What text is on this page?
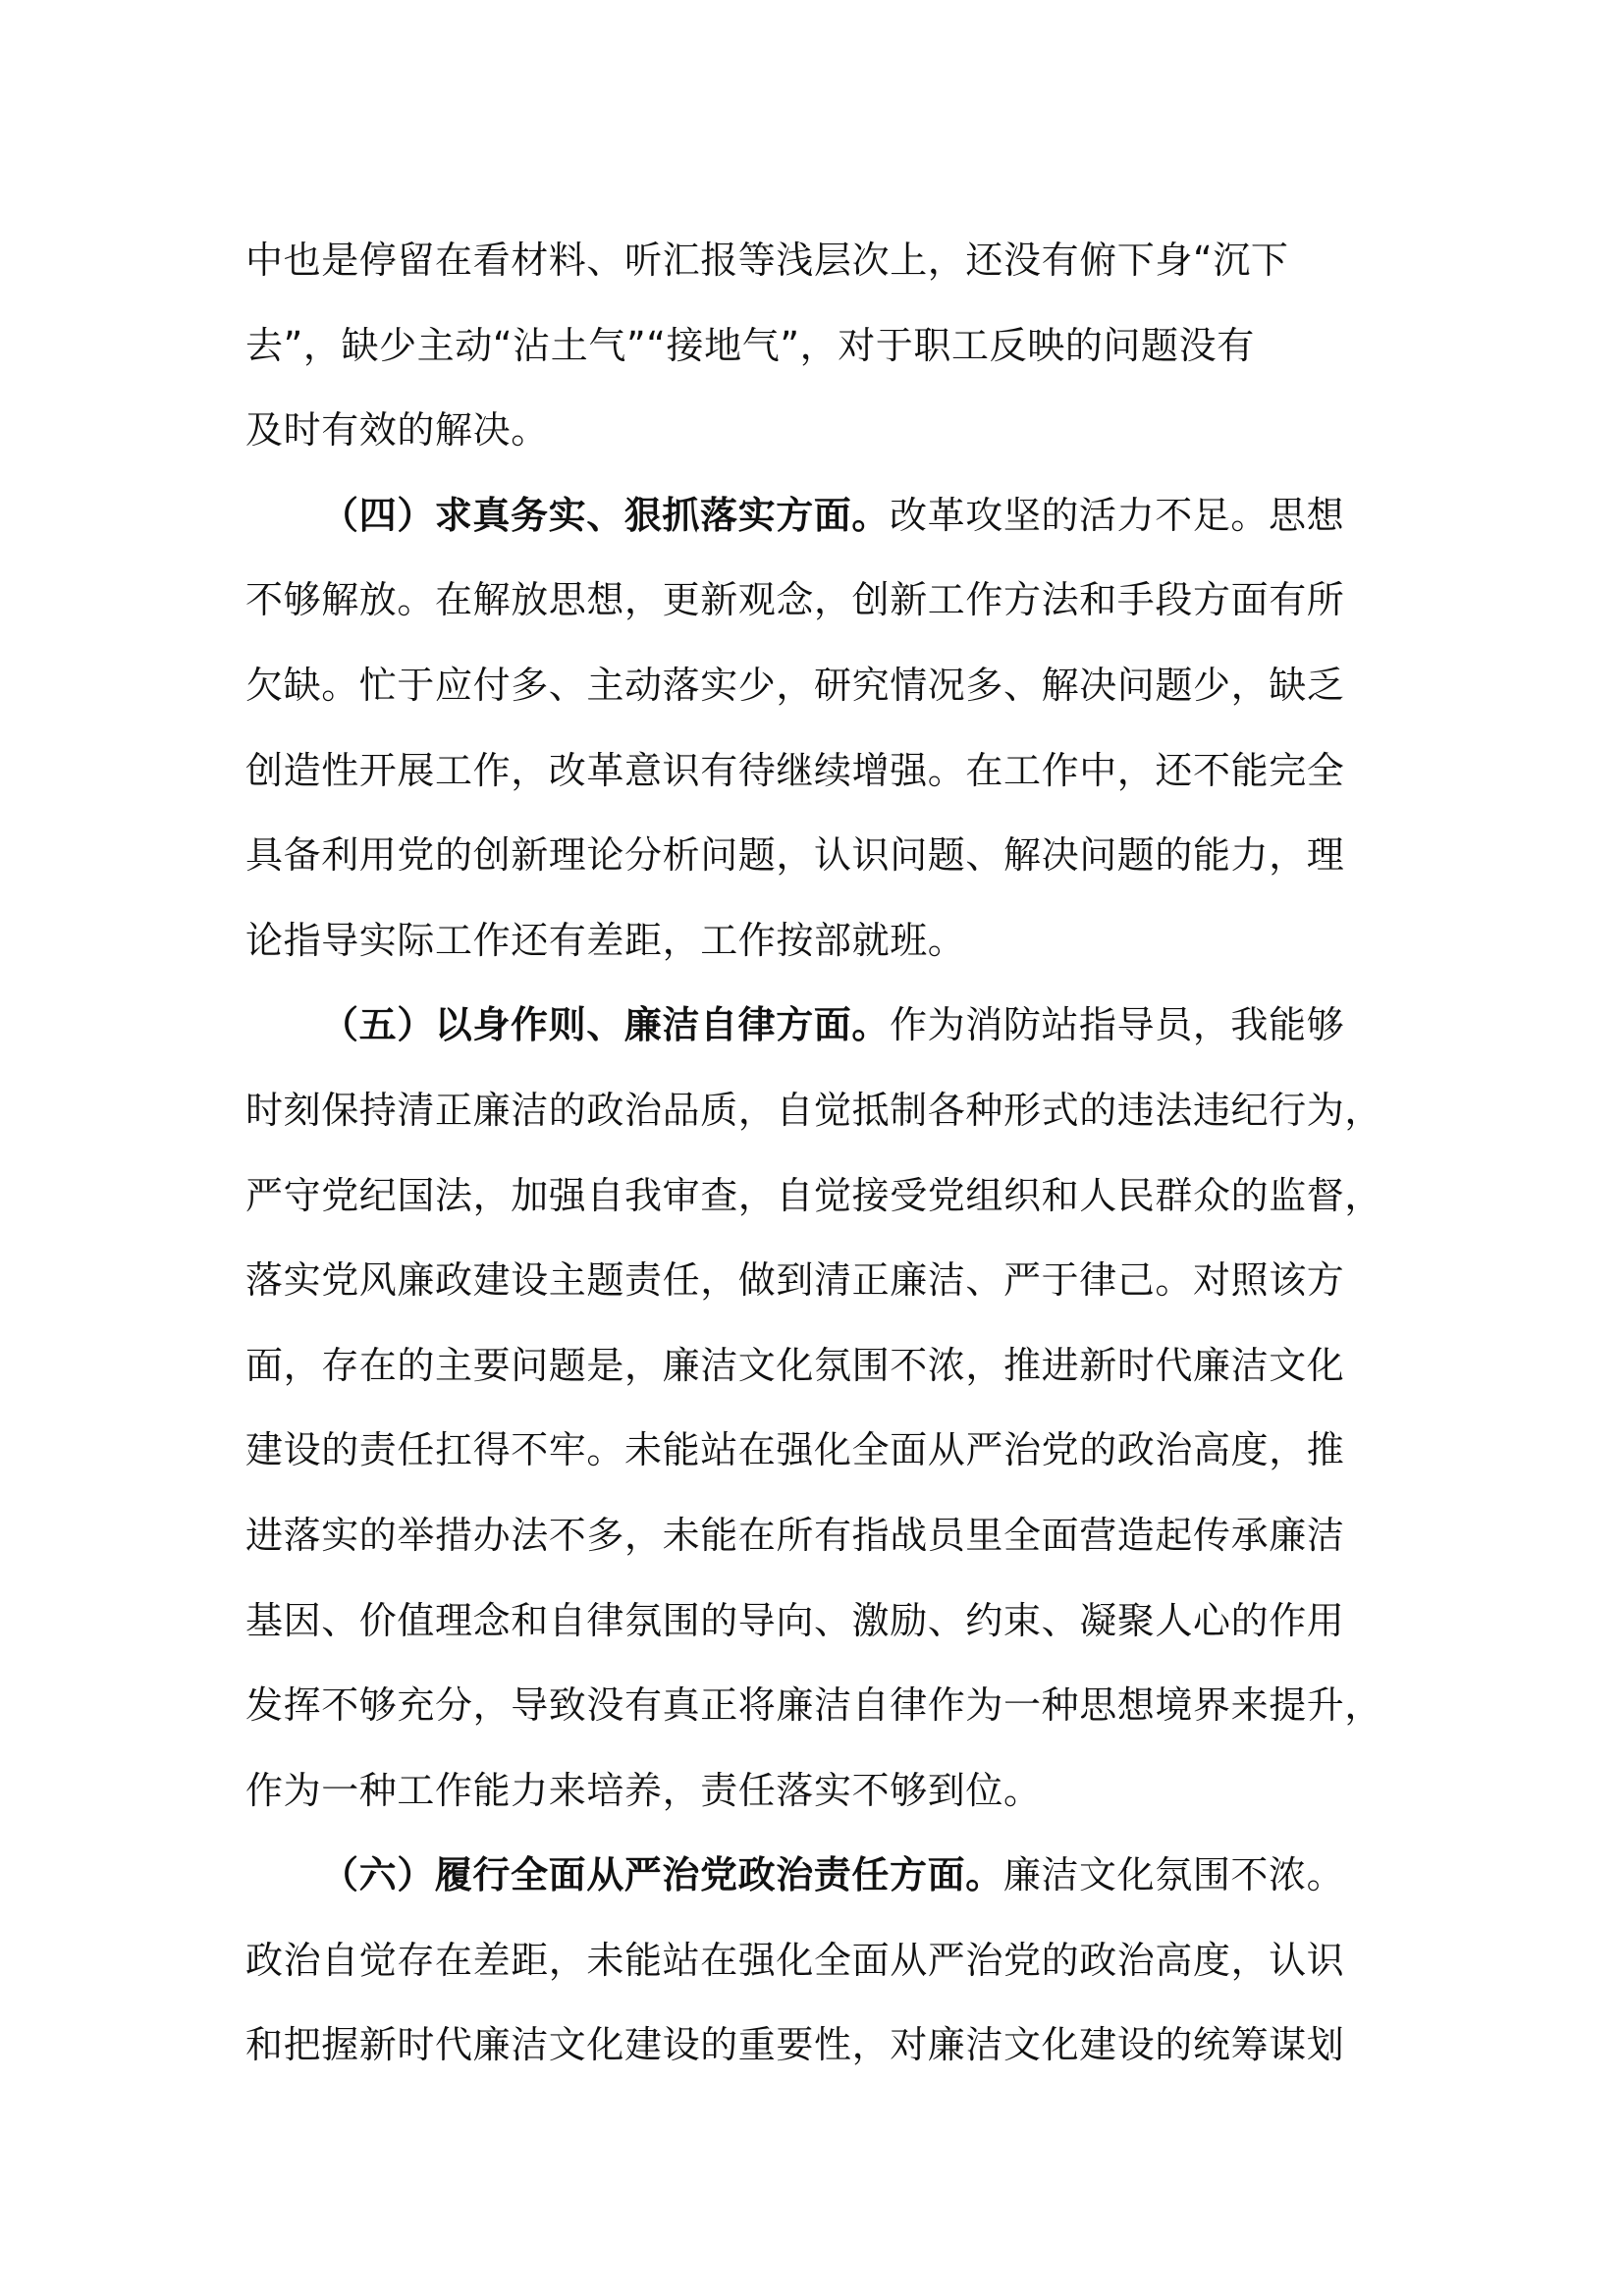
中也是停留在看材料、听汇报等浅层次上，还没有俯下身“沉下
去”，缺少主动“沾土气”“接地气”，对于职工反映的问题没有
及时有效的解决。
（四）求真务实、狠抓落实方面。改革攻坚的活力不足。思想
不够解放。在解放思想，更新观念，创新工作方法和手段方面有所
欠缺。忙于应付多、主动落实少，研究情况多、解决问题少，缺乏
创造性开展工作，改革意识有待继续增强。在工作中，还不能完全
具备利用党的创新理论分析问题，认识问题、解决问题的能力，理
论指导实际工作还有差距，工作按部就班。
（五）以身作则、廉洁自律方面。作为消防站指导员，我能够
时刻保持清正廉洁的政治品质，自觉抵制各种形式的违法违纪行为，
严守党纪国法，加强自我审查，自觉接受党组织和人民群众的监督，
落实党风廉政建设主题责任，做到清正廉洁、严于律己。对照该方
面，存在的主要问题是，廉洁文化氛围不浓，推进新时代廉洁文化
建设的责任扛得不牢。未能站在强化全面从严治党的政治高度，推
进落实的举措办法不多，未能在所有指战员里全面营造起传承廉洁
基因、价值理念和自律氛围的导向、激励、约束、凝聚人心的作用
发挥不够充分，导致没有真正将廉洁自律作为一种思想境界来提升，
作为一种工作能力来培养，责任落实不够到位。
（六）履行全面从严治党政治责任方面。廉洁文化氛围不浓。
政治自觉存在差距，未能站在强化全面从严治党的政治高度，认识
和把握新时代廉洁文化建设的重要性，对廉洁文化建设的统筹谋划
